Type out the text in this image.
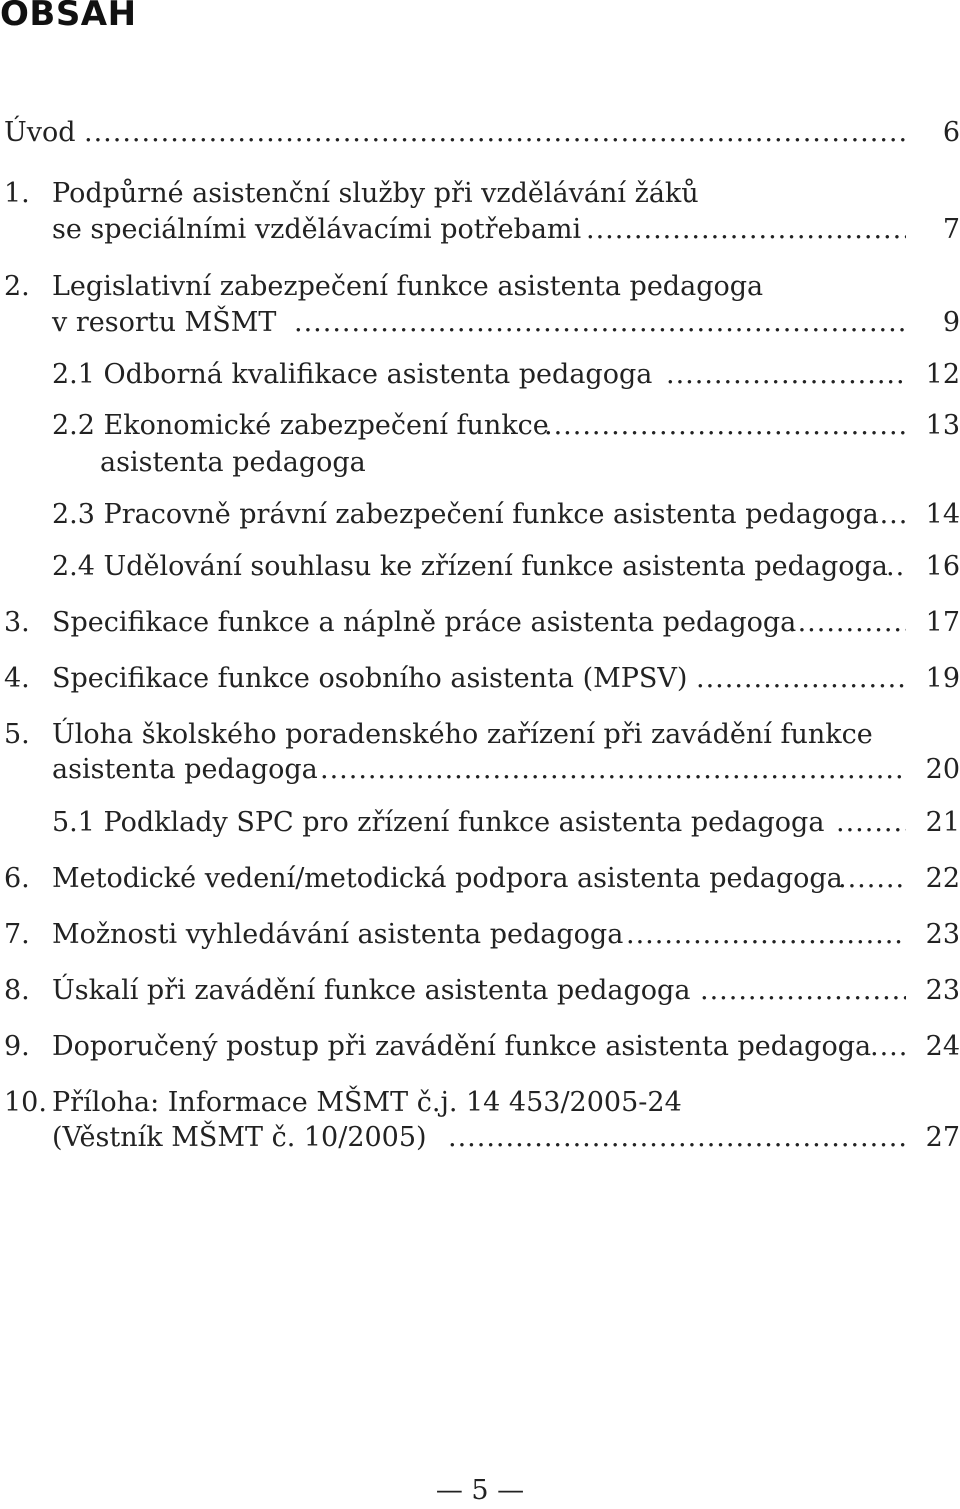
OBSAH
Úvod .....	6
1. Podpůrné asistenční služby při vzdělávání žáků
se speciálními vzdělávacími potřebami .....	7
2. Legislativní zabezpečení funkce asistenta pedagoga
v resortu MŠMT .....	9
2.1 Odborná kvalifikace asistenta pedagoga .....	12
2.2 Ekonomické zabezpečení funkce .....	13
asistenta pedagoga
2.3 Pracovně právní zabezpečení funkce asistenta pedagoga ..... 14
2.4 Udělování souhlasu ke zřízení funkce asistenta pedagoga ..... 16
3. Specifikace funkce a náplně práce asistenta pedagoga .....	17
4. Specifikace funkce osobního asistenta (MPSV) .....	19
5. Úloha školského poradenského zařízení při zavádění funkce
asistenta pedagoga .....	20
5.1 Podklady SPC pro zřízení funkce asistenta pedagoga .....	21
6. Metodické vedení/metodická podpora asistenta pedagoga .....	22
7. Možnosti vyhledávání asistenta pedagoga .....	23
8. Úskalí při zavádění funkce asistenta pedagoga .....	23
9. Doporučený postup při zavádění funkce asistenta pedagoga ..... 24
10. Příloha: Informace MŠMT č.j. 14 453/2005-24
(Věstník MŠMT č. 10/2005) .....	27
— 5 —
